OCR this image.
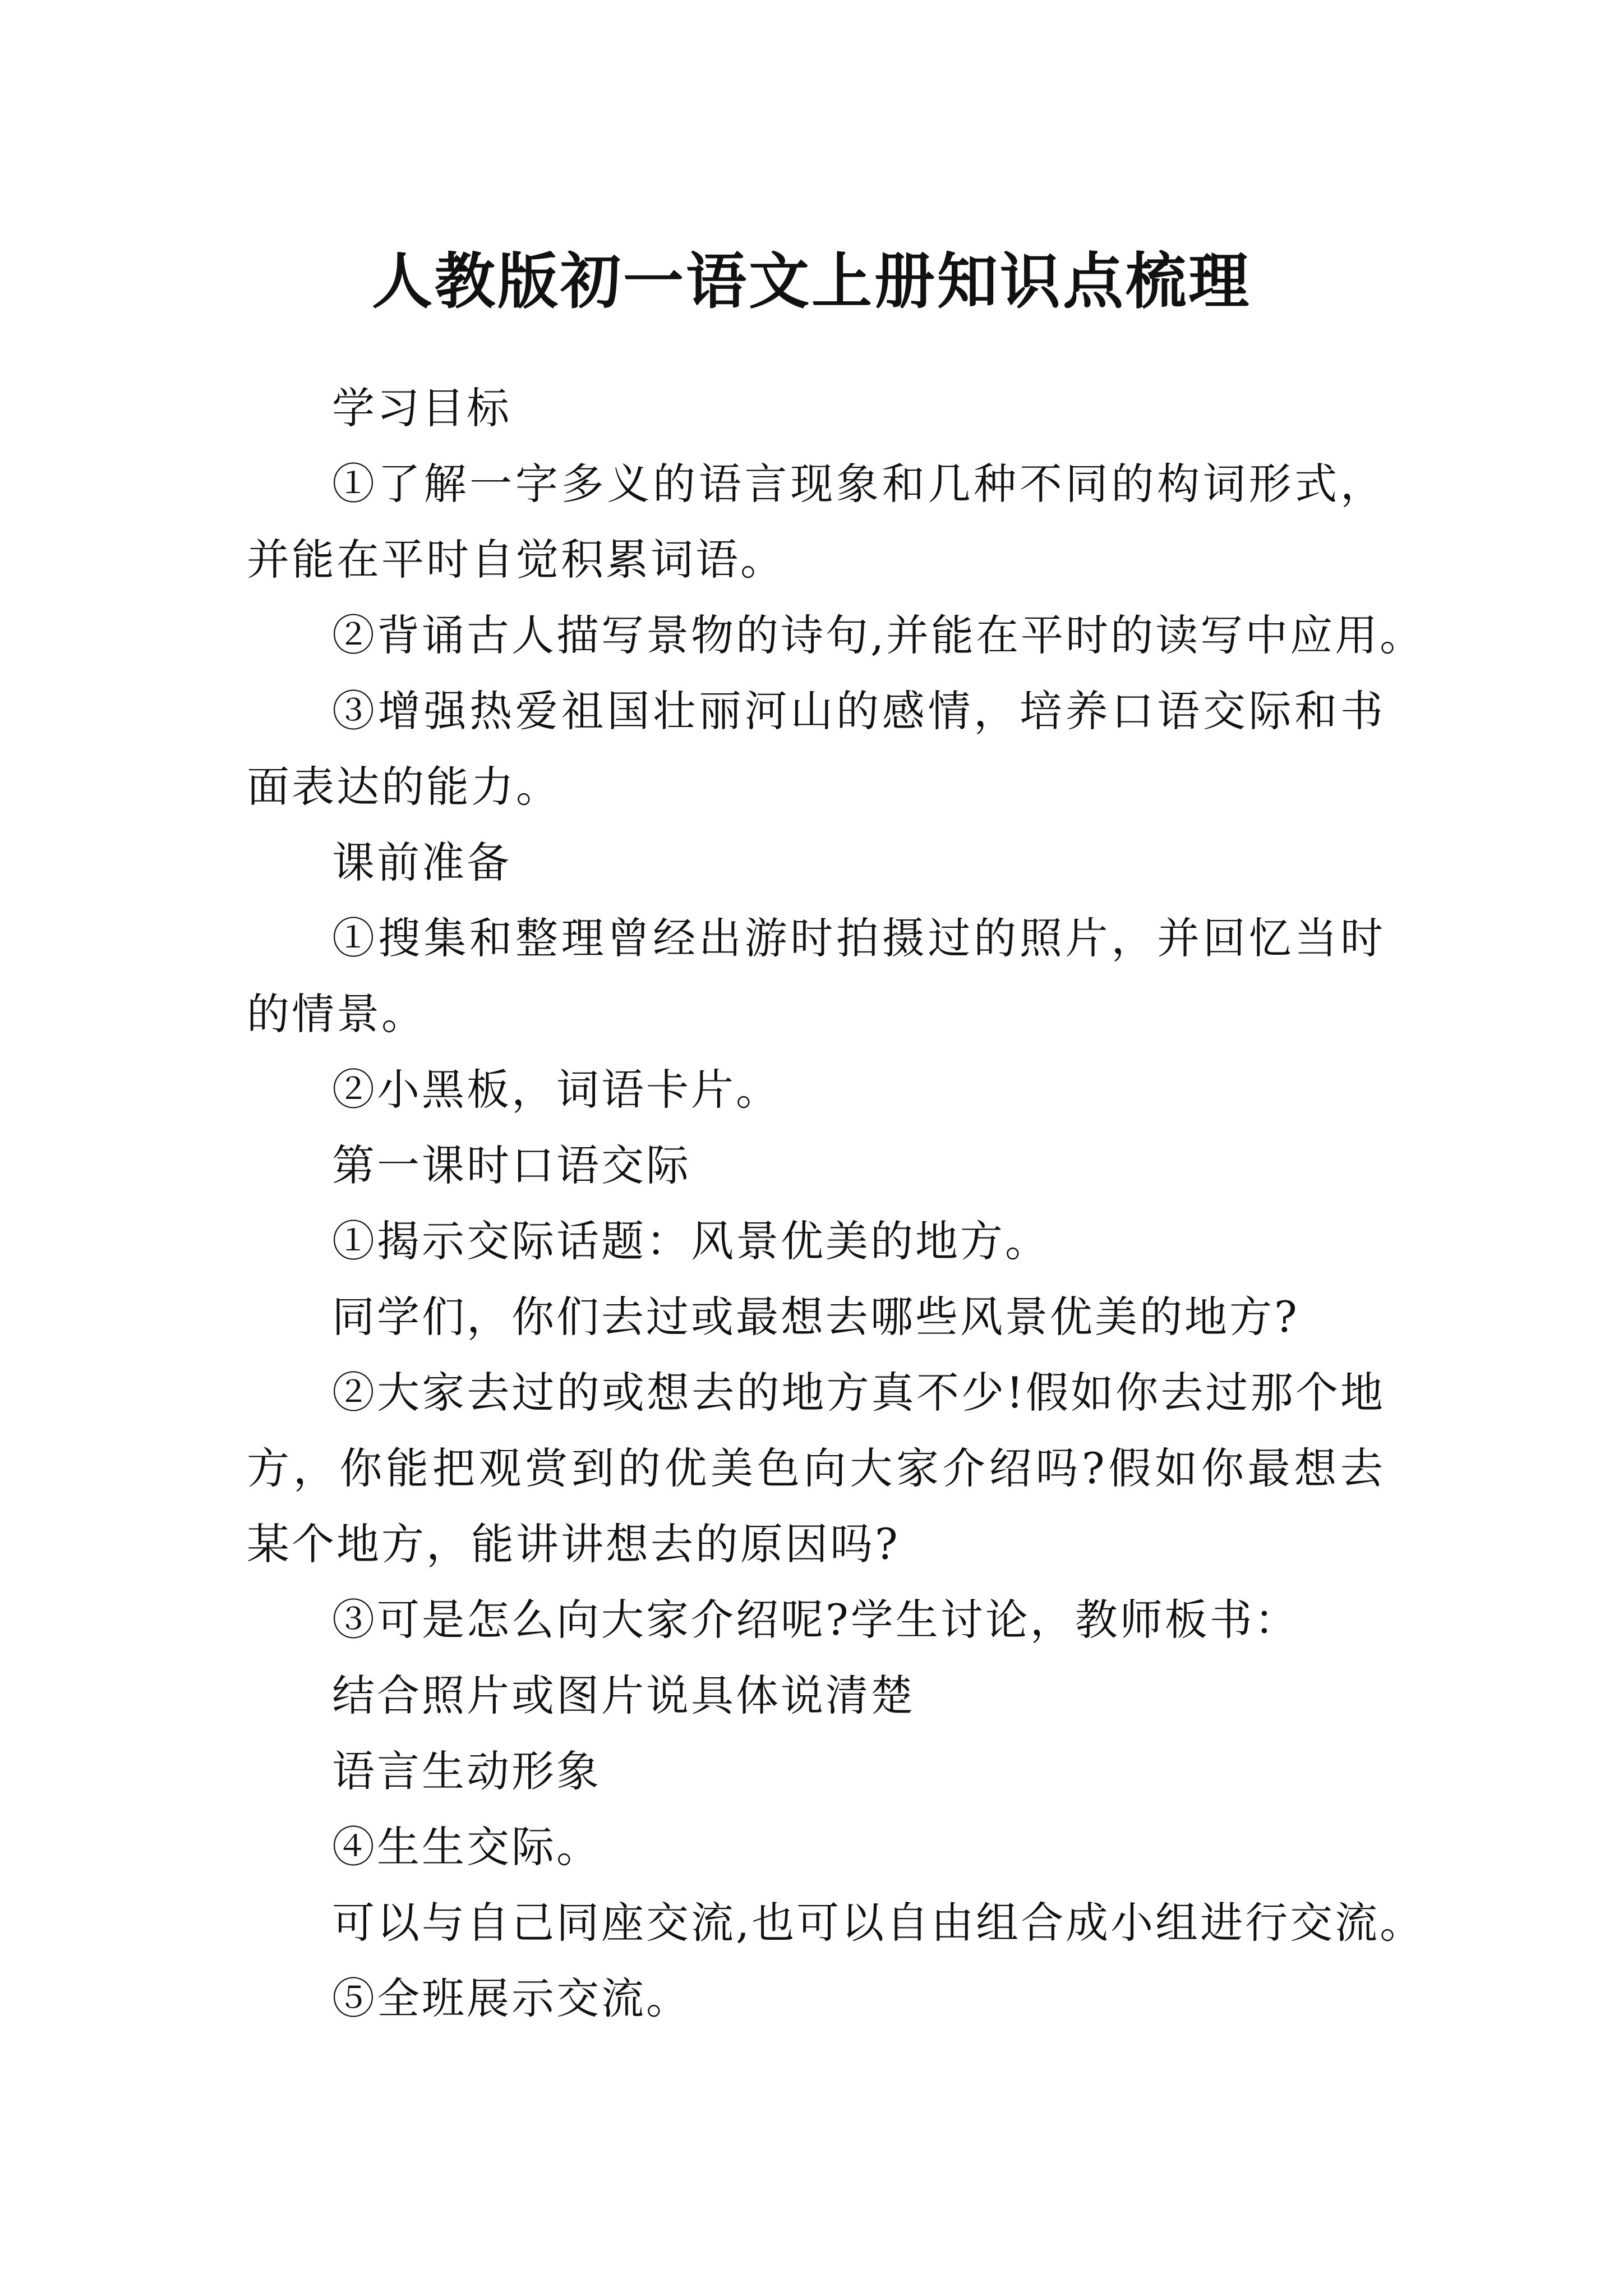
人教版初一语文上册知识点梳理

学习目标

①了解一字多义的语言现象和几种不同的构词形式，并能在平时自觉积累词语。

②背诵古人描写景物的诗句,并能在平时的读写中应用。

③增强热爱祖国壮丽河山的感情，培养口语交际和书面表达的能力。

课前准备

①搜集和整理曾经出游时拍摄过的照片，并回忆当时的情景。

②小黑板，词语卡片。

第一课时口语交际

①揭示交际话题：风景优美的地方。

同学们，你们去过或最想去哪些风景优美的地方?

②大家去过的或想去的地方真不少!假如你去过那个地方，你能把观赏到的优美色向大家介绍吗?假如你最想去某个地方，能讲讲想去的原因吗?

③可是怎么向大家介绍呢?学生讨论，教师板书：

结合照片或图片说具体说清楚

语言生动形象

④生生交际。

可以与自己同座交流,也可以自由组合成小组进行交流。

⑤全班展示交流。
